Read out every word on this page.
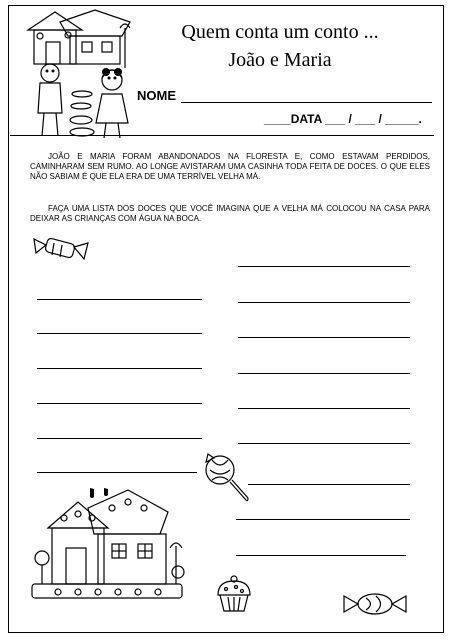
Quem conta um conto ...
João e Maria
NOME
____DATA ___ / ___ / _____.

JOÃO E MARIA FORAM ABANDONADOS NA FLORESTA E, COMO ESTAVAM PERDIDOS, CAMINHARAM SEM RUMO. AO LONGE AVISTARAM UMA CASINHA TODA FEITA DE DOCES. O QUE ELES NÃO SABIAM É QUE ELA ERA DE UMA TERRÍVEL VELHA MÁ.

FAÇA UMA LISTA DOS DOCES QUE VOCÊ IMAGINA QUE A VELHA MÁ COLOCOU NA CASA PARA DEIXAR AS CRIANÇAS COM ÁGUA NA BOCA.
